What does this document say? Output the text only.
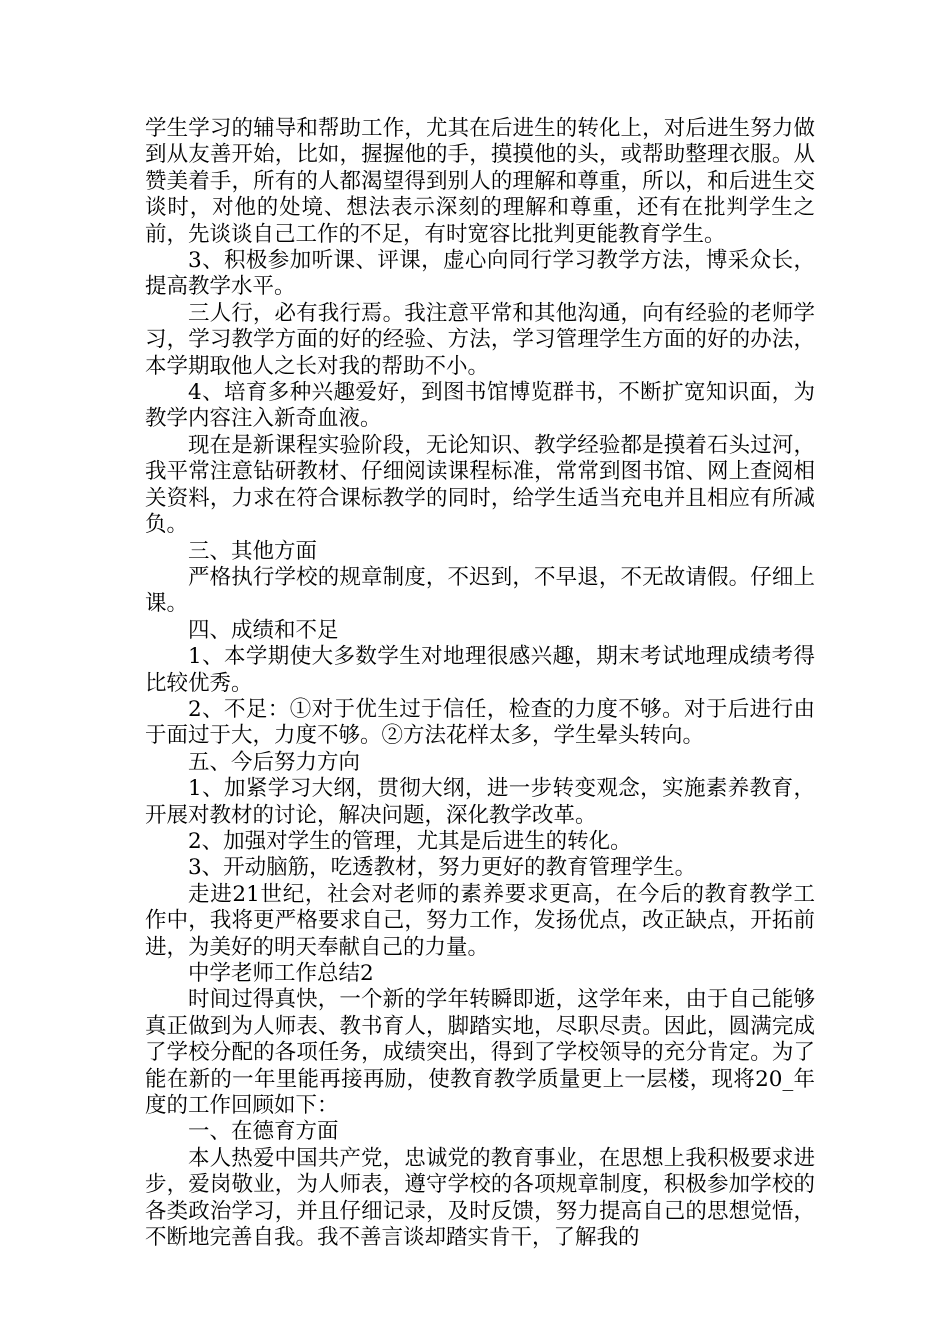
学生学习的辅导和帮助工作，尤其在后进生的转化上，对后进生努力做到从友善开始，比如，握握他的手，摸摸他的头，或帮助整理衣服。从赞美着手，所有的人都渴望得到别人的理解和尊重，所以，和后进生交谈时，对他的处境、想法表示深刻的理解和尊重，还有在批判学生之前，先谈谈自己工作的不足，有时宽容比批判更能教育学生。

3、积极参加听课、评课，虚心向同行学习教学方法，博采众长，提高教学水平。

三人行，必有我行焉。我注意平常和其他沟通，向有经验的老师学习，学习教学方面的好的经验、方法，学习管理学生方面的好的办法，本学期取他人之长对我的帮助不小。

4、培育多种兴趣爱好，到图书馆博览群书，不断扩宽知识面，为教学内容注入新奇血液。

现在是新课程实验阶段，无论知识、教学经验都是摸着石头过河，我平常注意钻研教材、仔细阅读课程标准，常常到图书馆、网上查阅相关资料，力求在符合课标教学的同时，给学生适当充电并且相应有所减负。

三、其他方面

严格执行学校的规章制度，不迟到，不早退，不无故请假。仔细上课。

四、成绩和不足

1、本学期使大多数学生对地理很感兴趣，期末考试地理成绩考得比较优秀。

2、不足：①对于优生过于信任，检查的力度不够。对于后进行由于面过于大，力度不够。②方法花样太多，学生晕头转向。

五、今后努力方向

1、加紧学习大纲，贯彻大纲，进一步转变观念，实施素养教育，开展对教材的讨论，解决问题，深化教学改革。

2、加强对学生的管理，尤其是后进生的转化。

3、开动脑筋，吃透教材，努力更好的教育管理学生。

走进21世纪，社会对老师的素养要求更高，在今后的教育教学工作中，我将更严格要求自己，努力工作，发扬优点，改正缺点，开拓前进，为美好的明天奉献自己的力量。

中学老师工作总结2

时间过得真快，一个新的学年转瞬即逝，这学年来，由于自己能够真正做到为人师表、教书育人，脚踏实地，尽职尽责。因此，圆满完成了学校分配的各项任务，成绩突出，得到了学校领导的充分肯定。为了能在新的一年里能再接再励，使教育教学质量更上一层楼，现将20_年度的工作回顾如下：

一、在德育方面

本人热爱中国共产党，忠诚党的教育事业，在思想上我积极要求进步，爱岗敬业，为人师表，遵守学校的各项规章制度，积极参加学校的各类政治学习，并且仔细记录，及时反馈，努力提高自己的思想觉悟，不断地完善自我。我不善言谈却踏实肯干，了解我的
